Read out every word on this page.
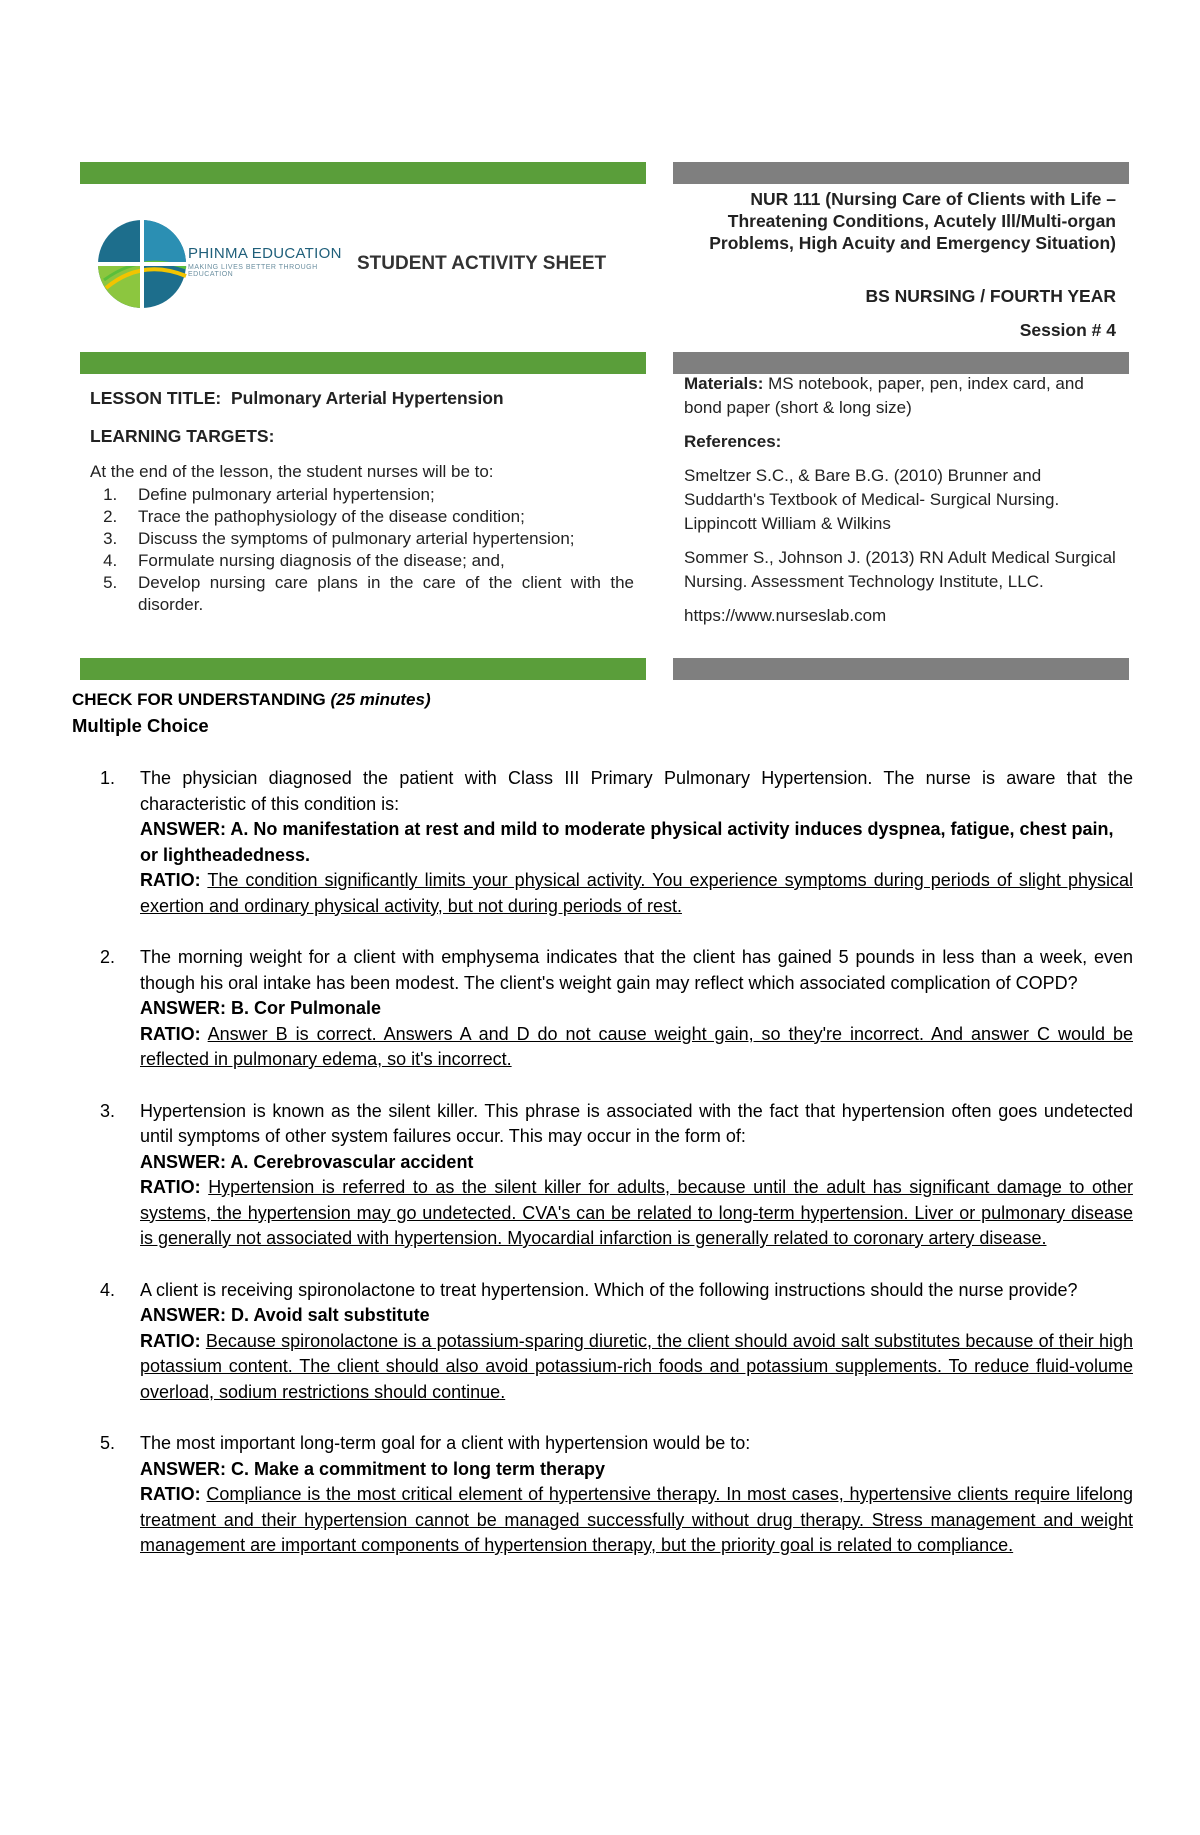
PHINMA EDUCATION
MAKING LIVES BETTER THROUGH EDUCATION
STUDENT ACTIVITY SHEET
NUR 111 (Nursing Care of Clients with Life – Threatening Conditions, Acutely Ill/Multi-organ Problems, High Acuity and Emergency Situation)
BS NURSING / FOURTH YEAR
Session # 4

LESSON TITLE: Pulmonary Arterial Hypertension

LEARNING TARGETS:

At the end of the lesson, the student nurses will be to:

1. Define pulmonary arterial hypertension;
2. Trace the pathophysiology of the disease condition;
3. Discuss the symptoms of pulmonary arterial hypertension;
4. Formulate nursing diagnosis of the disease; and,
5. Develop nursing care plans in the care of the client with the disorder.

Materials: MS notebook, paper, pen, index card, and bond paper (short & long size)

References:

Smeltzer S.C., & Bare B.G. (2010) Brunner and Suddarth's Textbook of Medical- Surgical Nursing. Lippincott William & Wilkins

Sommer S., Johnson J. (2013) RN Adult Medical Surgical Nursing. Assessment Technology Institute, LLC.

https://www.nurseslab.com

CHECK FOR UNDERSTANDING (25 minutes)
Multiple Choice
1. The physician diagnosed the patient with Class III Primary Pulmonary Hypertension. The nurse is aware that the characteristic of this condition is:
ANSWER: A. No manifestation at rest and mild to moderate physical activity induces dyspnea, fatigue, chest pain, or lightheadedness.
RATIO: The condition significantly limits your physical activity. You experience symptoms during periods of slight physical exertion and ordinary physical activity, but not during periods of rest.
2. The morning weight for a client with emphysema indicates that the client has gained 5 pounds in less than a week, even though his oral intake has been modest. The client's weight gain may reflect which associated complication of COPD?
ANSWER: B. Cor Pulmonale
RATIO: Answer B is correct. Answers A and D do not cause weight gain, so they're incorrect. And answer C would be reflected in pulmonary edema, so it's incorrect.
3. Hypertension is known as the silent killer. This phrase is associated with the fact that hypertension often goes undetected until symptoms of other system failures occur. This may occur in the form of:
ANSWER: A. Cerebrovascular accident
RATIO: Hypertension is referred to as the silent killer for adults, because until the adult has significant damage to other systems, the hypertension may go undetected. CVA's can be related to long-term hypertension. Liver or pulmonary disease is generally not associated with hypertension. Myocardial infarction is generally related to coronary artery disease.
4. A client is receiving spironolactone to treat hypertension. Which of the following instructions should the nurse provide?
ANSWER: D. Avoid salt substitute
RATIO: Because spironolactone is a potassium-sparing diuretic, the client should avoid salt substitutes because of their high potassium content. The client should also avoid potassium-rich foods and potassium supplements. To reduce fluid-volume overload, sodium restrictions should continue.
5. The most important long-term goal for a client with hypertension would be to:
ANSWER: C. Make a commitment to long term therapy
RATIO: Compliance is the most critical element of hypertensive therapy. In most cases, hypertensive clients require lifelong treatment and their hypertension cannot be managed successfully without drug therapy. Stress management and weight management are important components of hypertension therapy, but the priority goal is related to compliance.
